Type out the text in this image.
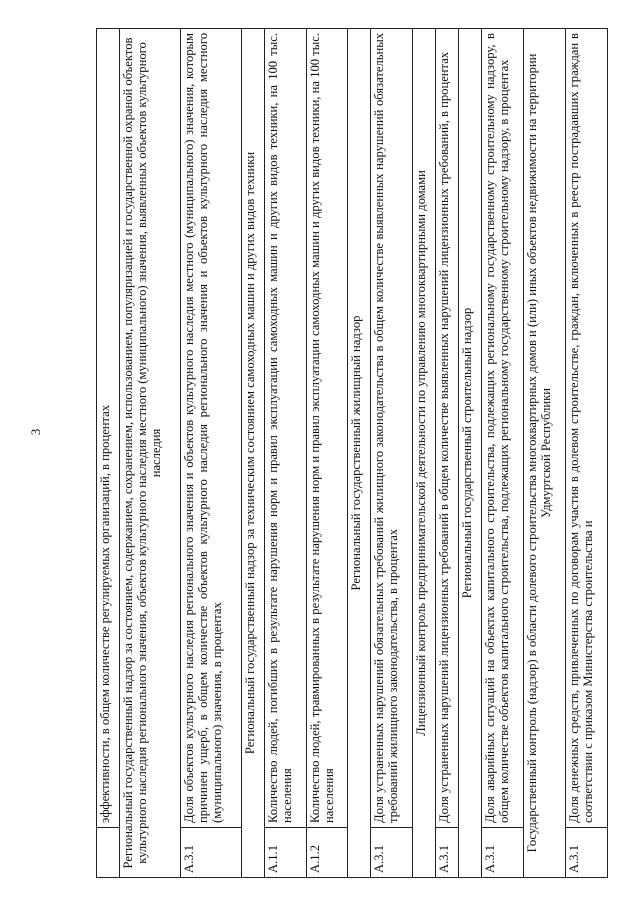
3
		эффективности, в общем количестве регулируемых организаций, в процентах
Региональный государственный надзор за состоянием, содержанием, сохранением, использованием, популяризацией и государственной охраной объектов культурного наследия регионального значения, объектов культурного наследия местного (муниципального) значения, выявленных объектов культурного наследия	
А.3.1	Доля объектов культурного наследия регионального значения и объектов культурного наследия местного (муниципального) значения, которым причинен ущерб, в общем количестве объектов культурного наследия регионального значения и объектов культурного наследия местного (муниципального) значения, в процентах
Региональный государственный надзор за техническим состоянием самоходных машин и других видов техники	
А.1.1	Количество людей, погибших в результате нарушения норм и правил эксплуатации самоходных машин и других видов техники, на 100 тыс. населения
А.1.2	Количество людей, травмированных в результате нарушения норм и правил эксплуатации самоходных машин и других видов техники, на 100 тыс. населения
Региональный государственный жилищный надзор	
А.3.1	Доля устраненных нарушений обязательных требований жилищного законодательства в общем количестве выявленных нарушений обязательных требований жилищного законодательства, в процентах
Лицензионный контроль предпринимательской деятельности по управлению многоквартирными домами	
А.3.1	Доля устраненных нарушений лицензионных требований в общем количестве выявленных нарушений лицензионных требований, в процентах
Региональный государственный строительный надзор	
А.3.1	Доля аварийных ситуаций на объектах капитального строительства, подлежащих региональному государственному строительному надзору, в общем количестве объектов капитального строительства, подлежащих региональному государственному строительному надзору, в процентах
Государственный контроль (надзор) в области долевого строительства многоквартирных домов и (или) иных объектов недвижимости на территории Удмуртской Республики	
А.3.1	Доля денежных средств, привлеченных по договорам участия в долевом строительстве, граждан, включенных в реестр пострадавших граждан в соответствии с приказом Министерства строительства и
